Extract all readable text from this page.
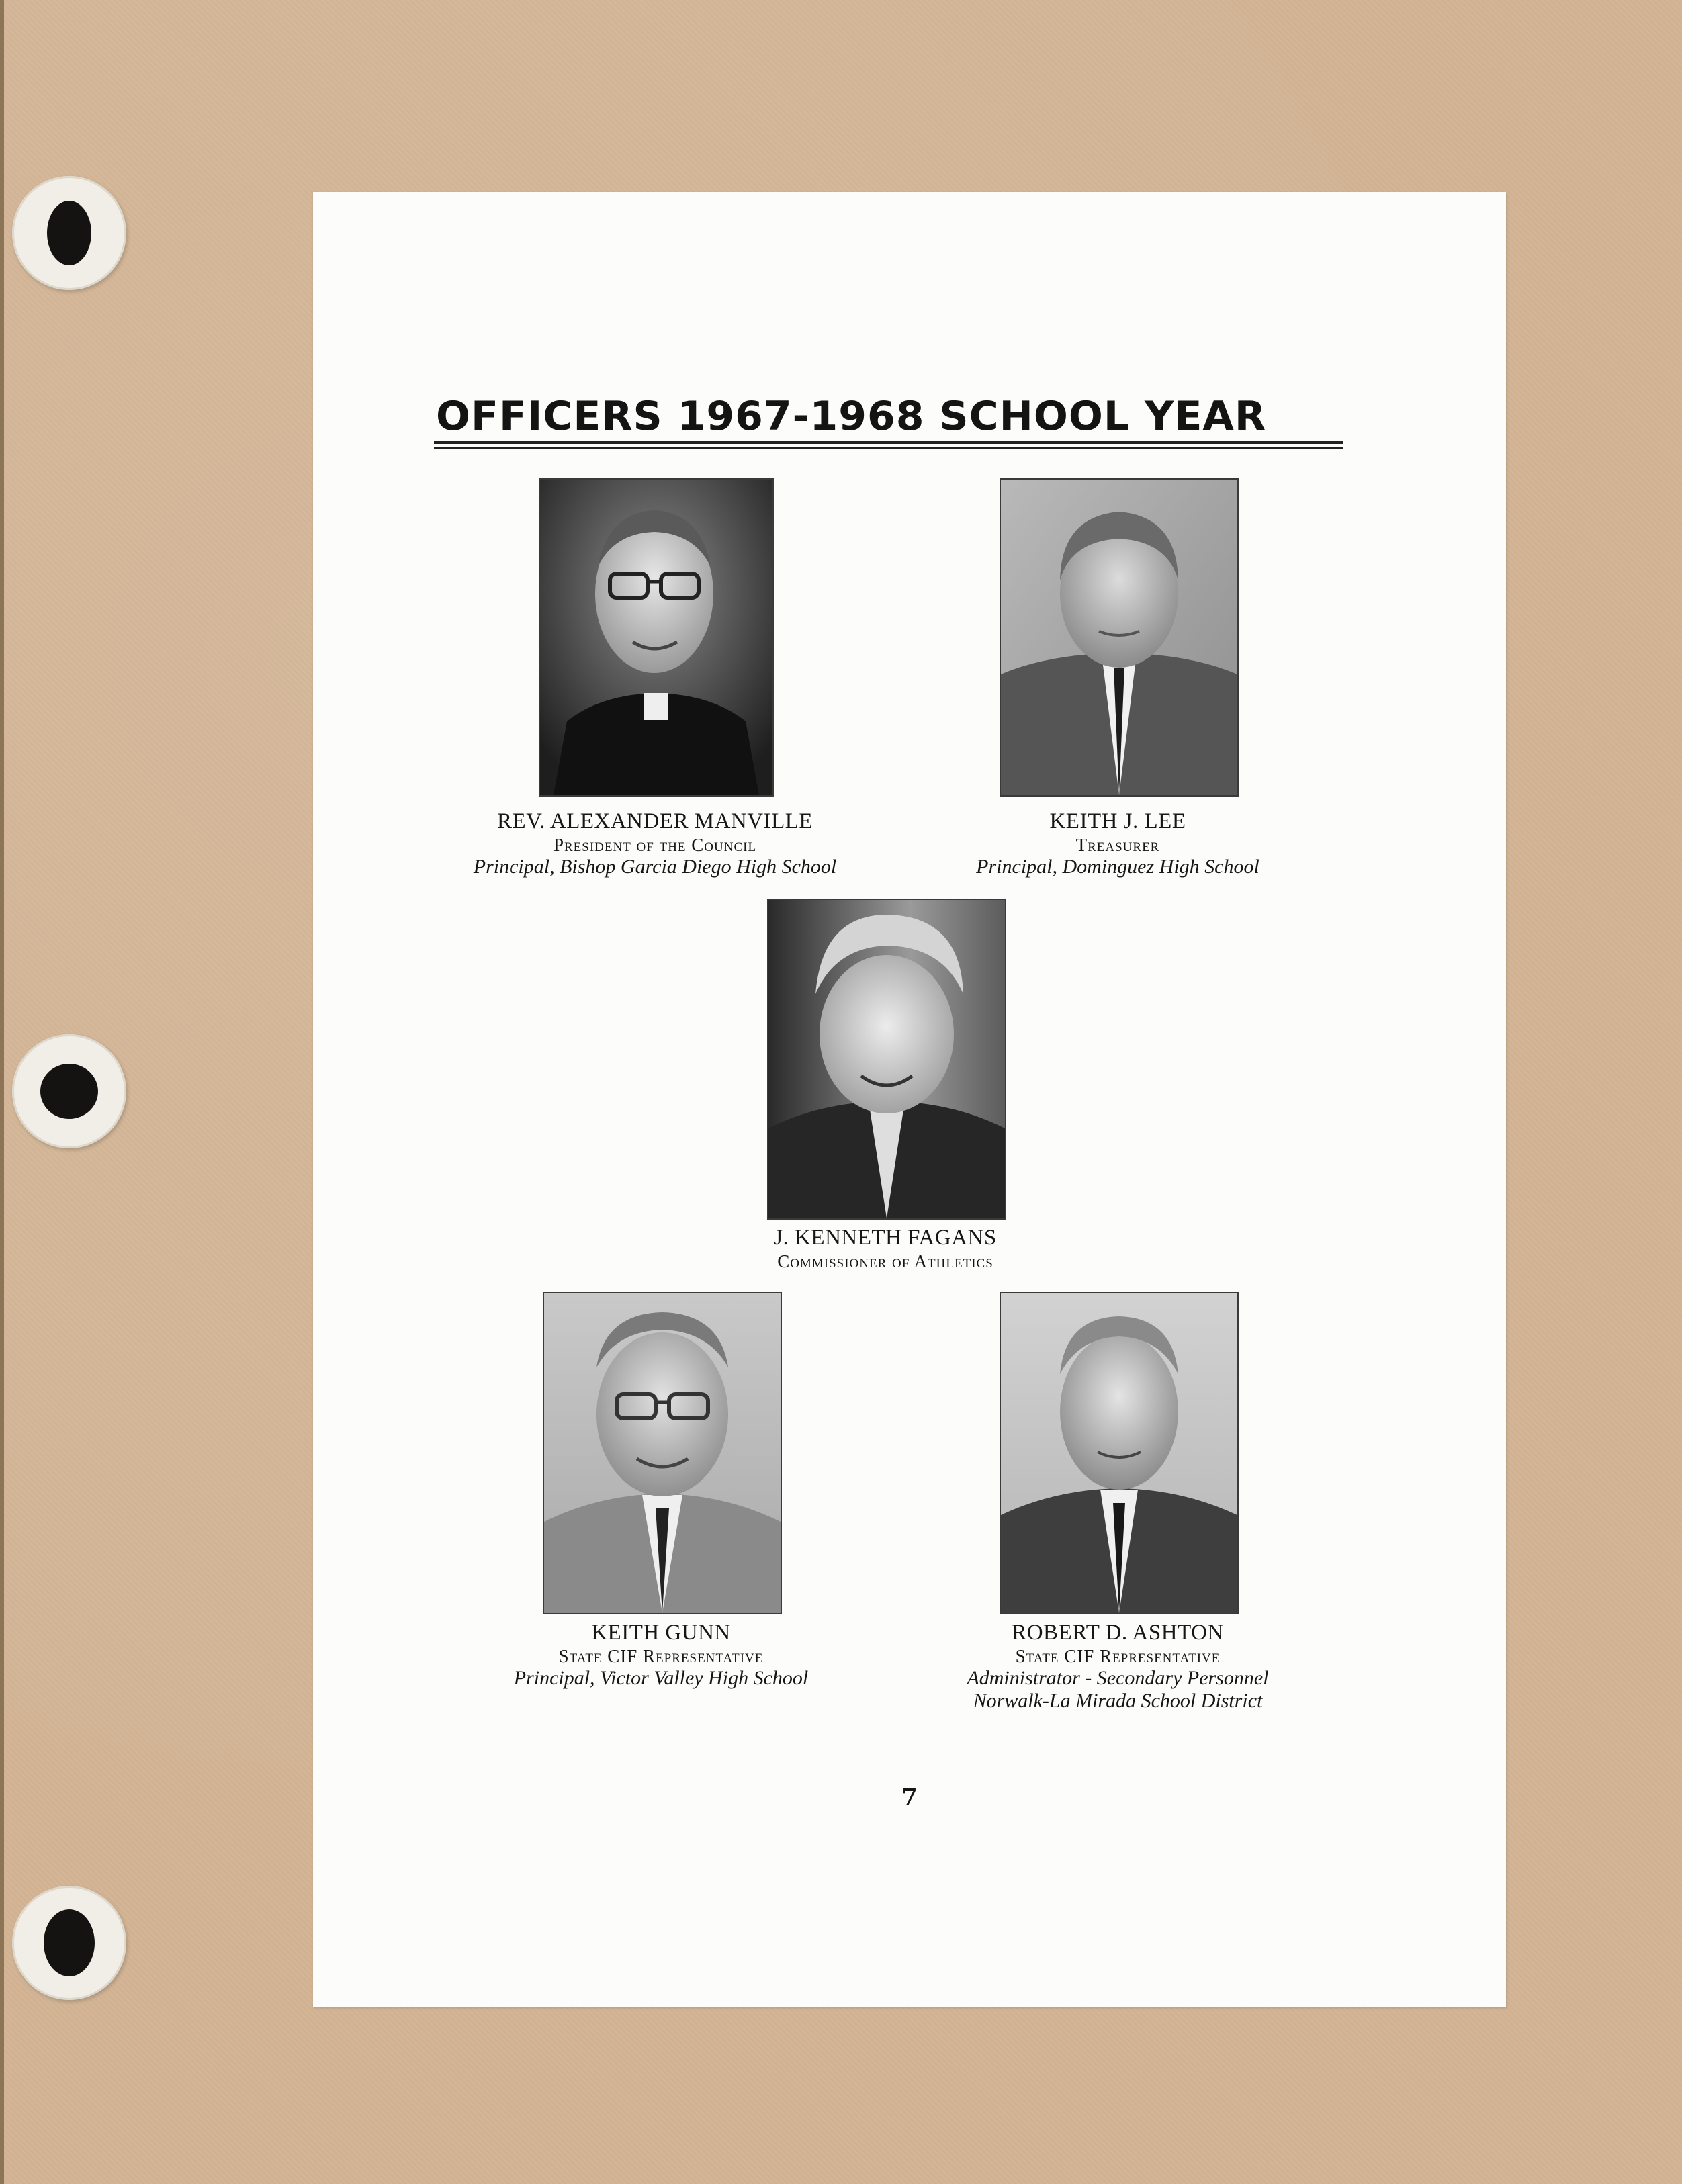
OFFICERS 1967-1968 SCHOOL YEAR
REV. ALEXANDER MANVILLE
President of the Council
Principal, Bishop Garcia Diego High School
KEITH J. LEE
Treasurer
Principal, Dominguez High School
J. KENNETH FAGANS
Commissioner of Athletics
KEITH GUNN
State CIF Representative
Principal, Victor Valley High School
ROBERT D. ASHTON
State CIF Representative
Administrator - Secondary Personnel
Norwalk-La Mirada School District
7
